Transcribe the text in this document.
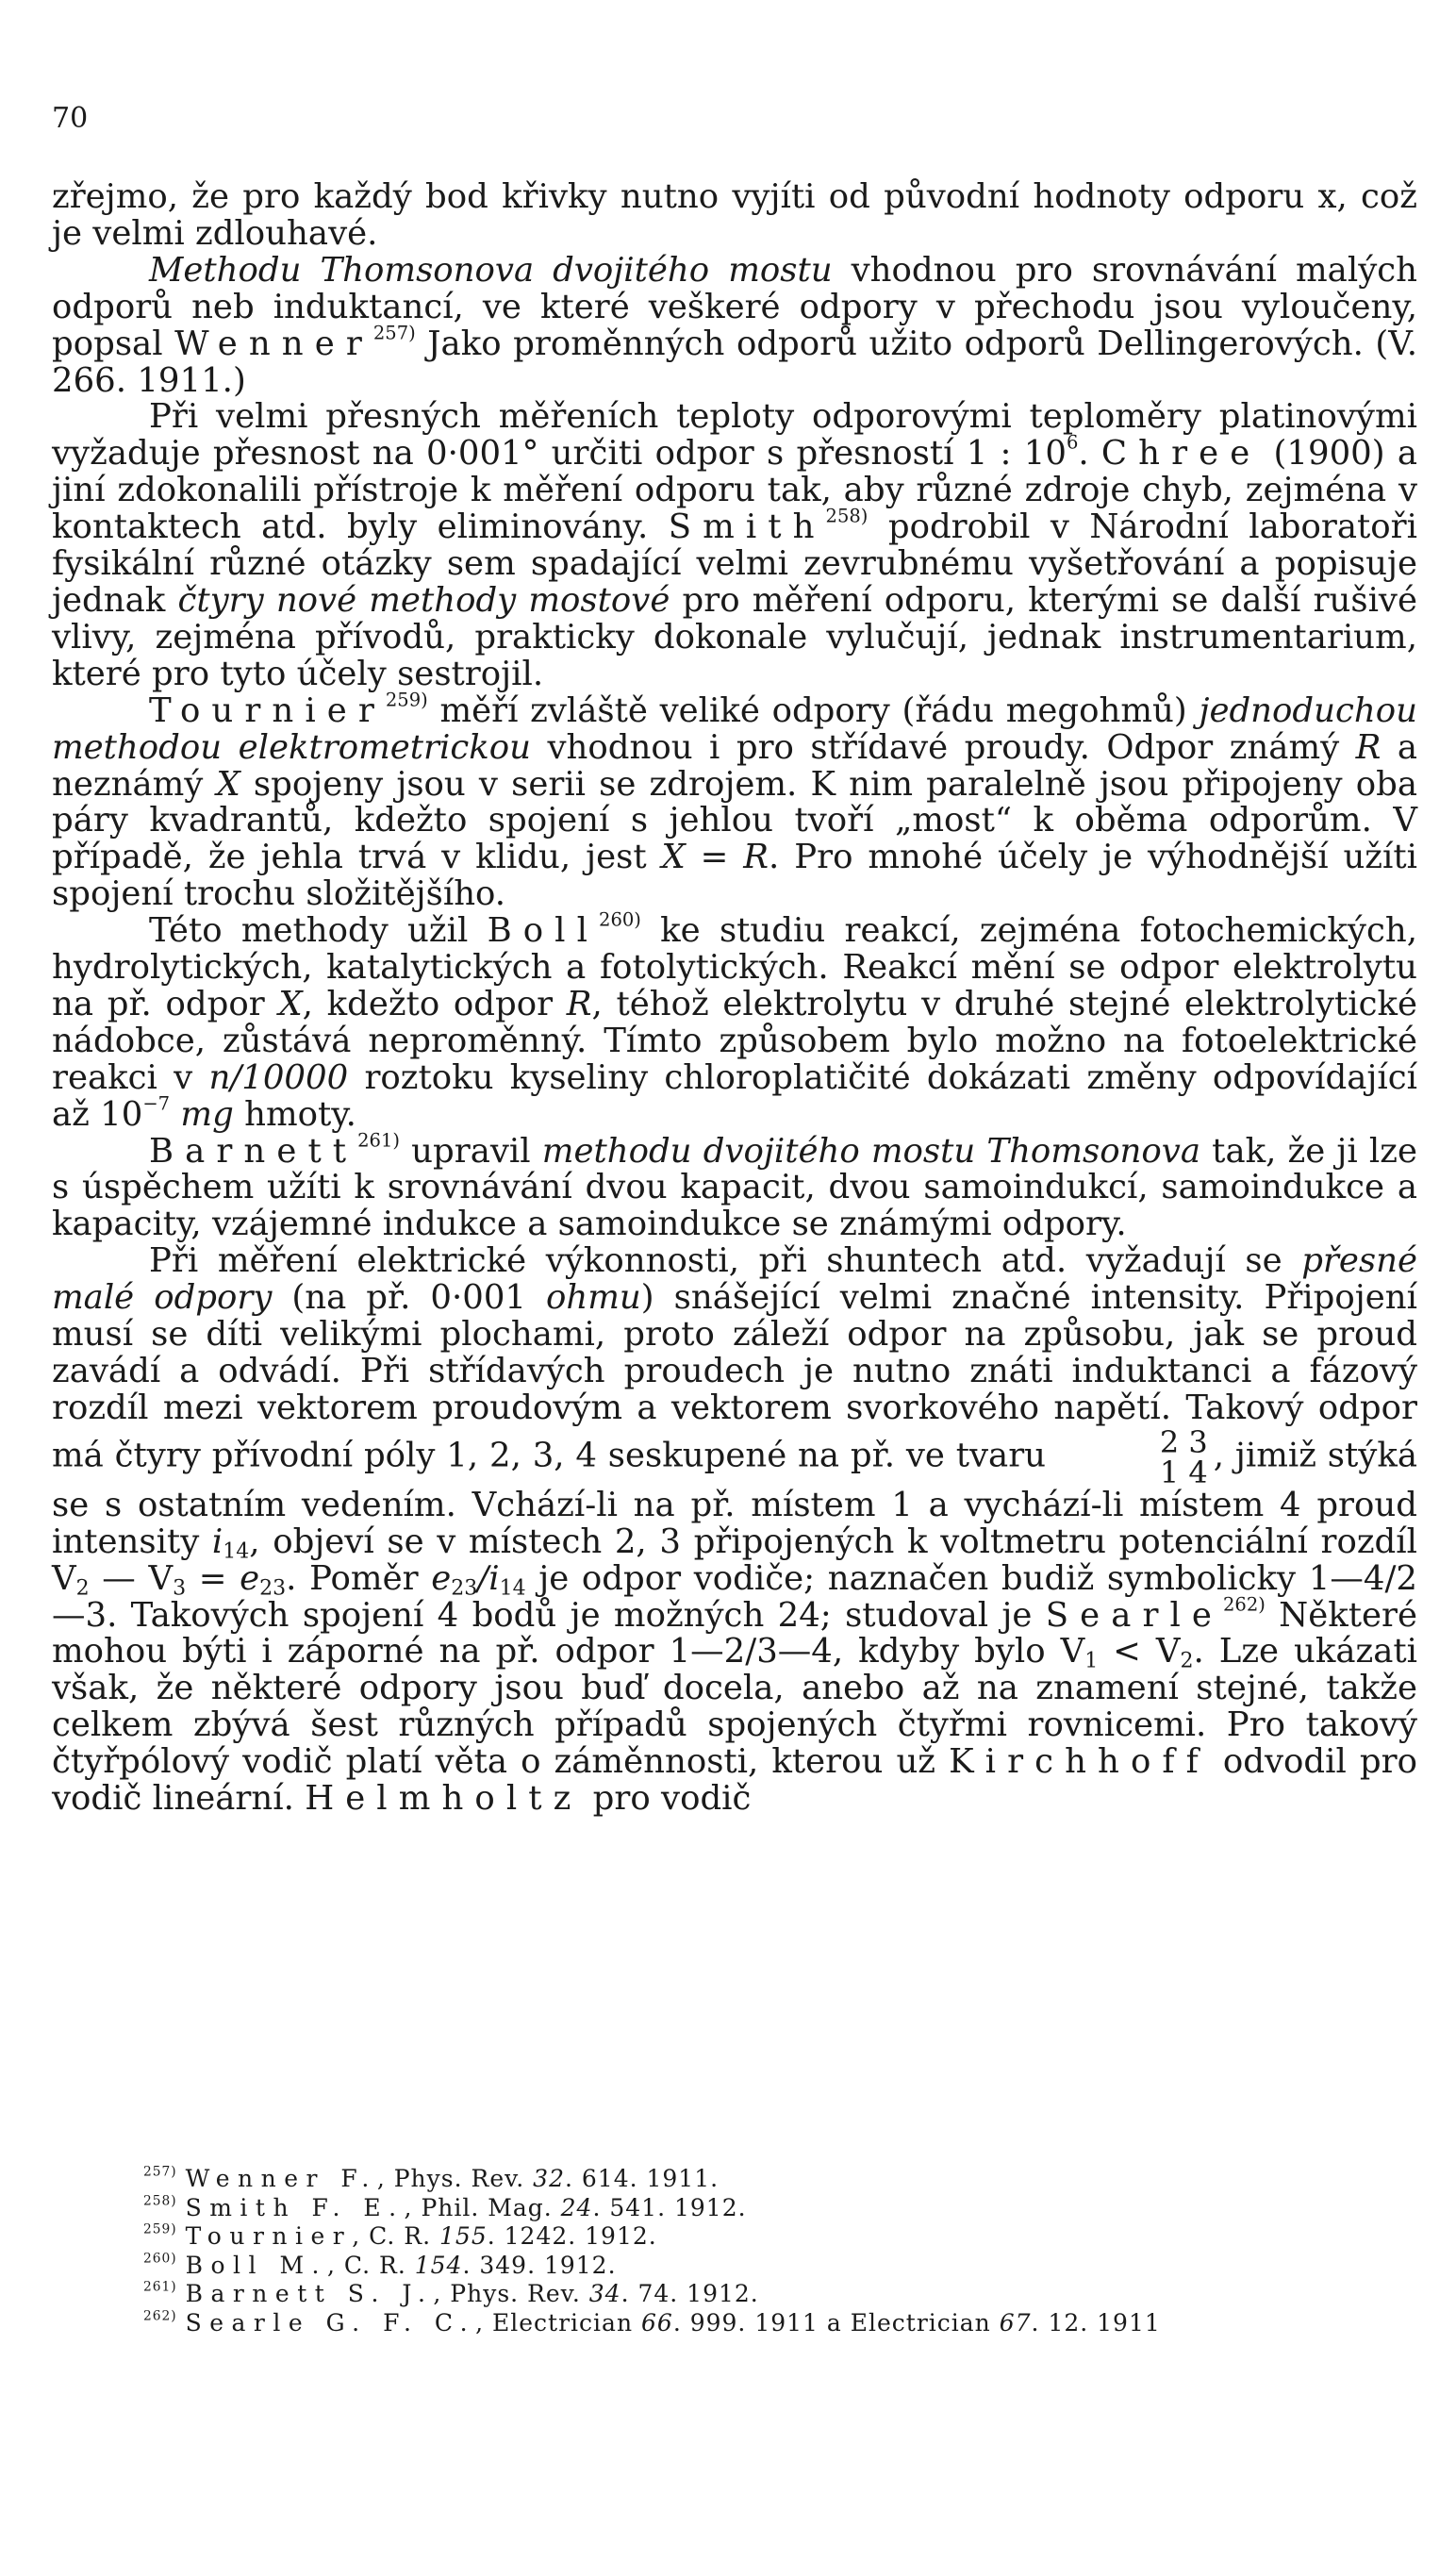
70

zřejmo, že pro každý bod křivky nutno vyjíti od původní hodnoty odporu x, což je velmi zdlouhavé.

Methodu Thomsonova dvojitého mostu vhodnou pro srovnávání malých odporů neb induktancí, ve které veškeré odpory v přechodu jsou vyloučeny, popsal Wenner$^{257)}$ Jako proměnných odporů užito odporů Dellingerových. (V. 266. 1911.)

Při velmi přesných měřeních teploty odporovými teploměry platinovými vyžaduje přesnost na 0·001° určiti odpor s přesností 1 : $10^6$. Chree (1900) a jiní zdokonalili přístroje k měření odporu tak, aby různé zdroje chyb, zejména v kontaktech atd. byly eliminovány. Smith$^{258)}$ podrobil v Národní laboratoři fysikální různé otázky sem spadající velmi zevrubnému vyšetřování a popisuje jednak čtyry nové methody mostové pro měření odporu, kterými se další rušivé vlivy, zejména přívodů, prakticky dokonale vylučují, jednak instrumentarium, které pro tyto účely sestrojil.

Tournier$^{259)}$ měří zvláště veliké odpory (řádu megohmů) jednoduchou methodou elektrometrickou vhodnou i pro střídavé proudy. Odpor známý R a neznámý X spojeny jsou v serii se zdrojem. K nim paralelně jsou připojeny oba páry kvadrantů, kdežto spojení s jehlou tvoří „most“ k oběma odporům. V případě, že jehla trvá v klidu, jest X = R. Pro mnohé účely je výhodnější užíti spojení trochu složitějšího.

Této methody užil Boll$^{260)}$ ke studiu reakcí, zejména fotochemických, hydrolytických, katalytických a fotolytických. Reakcí mění se odpor elektrolytu na př. odpor X, kdežto odpor R, téhož elektrolytu v druhé stejné elektrolytické nádobce, zůstává neproměnný. Tímto způsobem bylo možno na fotoelektrické reakci v n/10000 roztoku kyseliny chloroplatičité dokázati změny odpovídající až $10^{-7}$ mg hmoty.

Barnett$^{261)}$ upravil methodu dvojitého mostu Thomsonova tak, že ji lze s úspěchem užíti k srovnávání dvou kapacit, dvou samoindukcí, samoindukce a kapacity, vzájemné indukce a samoindukce se známými odpory.

Při měření elektrické výkonnosti, při shuntech atd. vyžadují se přesné malé odpory (na př. 0·001 ohmu) snášející velmi značné intensity. Připojení musí se díti velikými plochami, proto záleží odpor na způsobu, jak se proud zavádí a odvádí. Při střídavých proudech je nutno znáti induktanci a fázový rozdíl mezi vektorem proudovým a vektorem svorkového napětí. Takový odpor má čtyry přívodní póly 1, 2, 3, 4 seskupené na př. ve tvaru	2 3
1 4 , jimiž stýká se s ostatním vedením. Vchází-li na př. místem 1 a vychází-li místem 4 proud intensity $i_{14}$, objeví se v místech 2, 3 připojených k voltmetru potenciální rozdíl $V_2$ — $V_3 = e_{23}$. Poměr $e_{23}/i_{14}$ je odpor vodiče; naznačen budiž symbolicky 1—4/2—3. Takových spojení 4 bodů je možných 24; studoval je Searle$^{262)}$ Některé mohou býti i záporné na př. odpor 1—2/3—4, kdyby bylo $V_1 < V_2$. Lze ukázati však, že některé odpory jsou buď docela, anebo až na znamení stejné, takže celkem zbývá šest různých případů spojených čtyřmi rovnicemi. Pro takový čtyřpólový vodič platí věta o záměnnosti, kterou už Kirchhoff odvodil pro vodič lineární. Helmholtz pro vodič

$^{257)}$ Wenner F., Phys. Rev. 32. 614. 1911.
$^{258)}$ Smith F. E., Phil. Mag. 24. 541. 1912.
$^{259)}$ Tournier, C. R. 155. 1242. 1912.
$^{260)}$ Boll M., C. R. 154. 349. 1912.
$^{261)}$ Barnett S. J., Phys. Rev. 34. 74. 1912.
$^{262)}$ Searle G. F. C., Electrician 66. 999. 1911 a Electrician 67. 12. 1911
